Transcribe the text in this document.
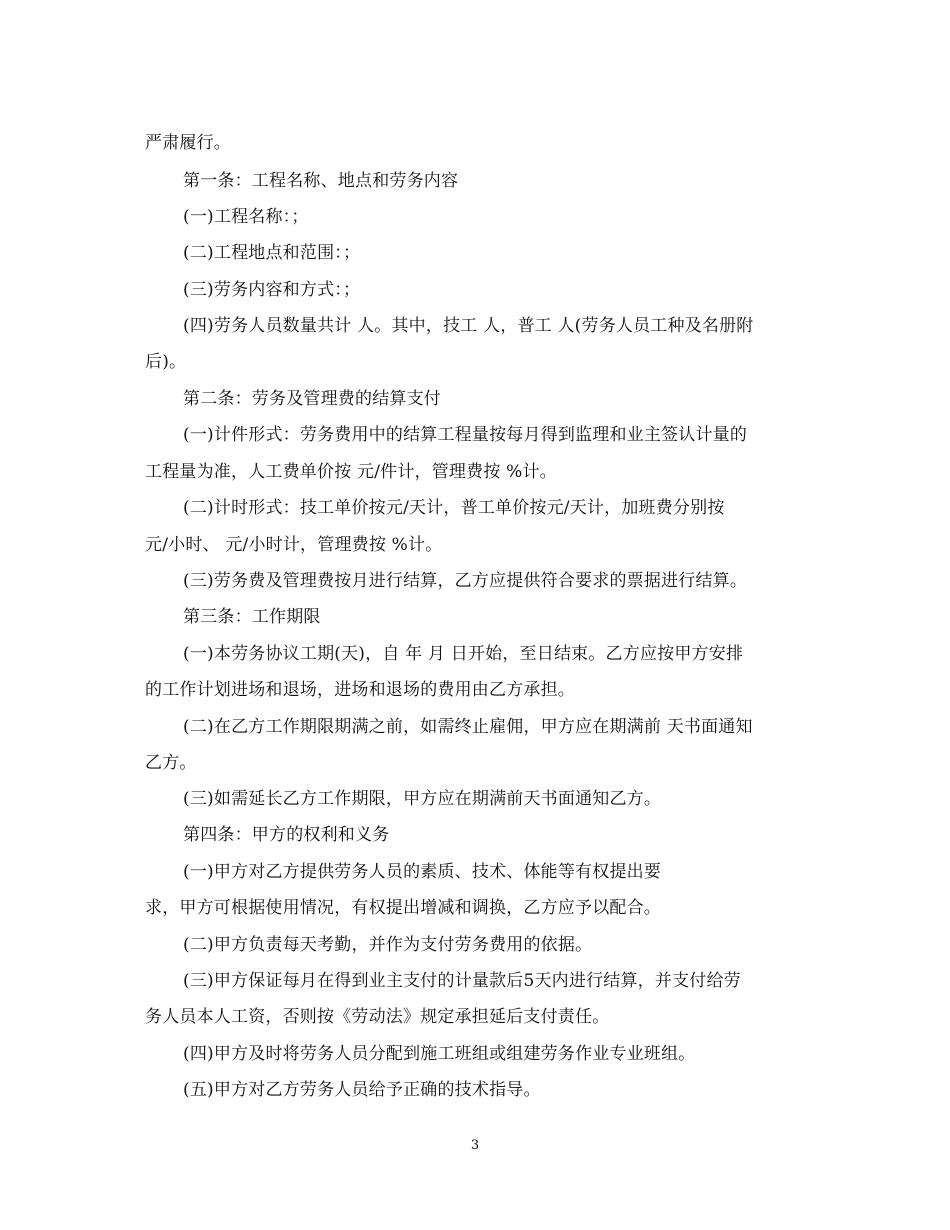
严肃履行。
第一条：工程名称、地点和劳务内容
(一)工程名称：；
(二)工程地点和范围：；
(三)劳务内容和方式：；
(四)劳务人员数量共计 人。其中，技工 人，普工 人(劳务人员工种及名册附
后)。
第二条：劳务及管理费的结算支付
(一)计件形式：劳务费用中的结算工程量按每月得到监理和业主签认计量的
工程量为准，人工费单价按 元/件计，管理费按 %计。
(二)计时形式：技工单价按元/天计，普工单价按元/天计，加班费分别按
元/小时、 元/小时计，管理费按 %计。
(三)劳务费及管理费按月进行结算，乙方应提供符合要求的票据进行结算。
第三条：工作期限
(一)本劳务协议工期(天)，自 年 月 日开始，至日结束。乙方应按甲方安排
的工作计划进场和退场，进场和退场的费用由乙方承担。
(二)在乙方工作期限期满之前，如需终止雇佣，甲方应在期满前 天书面通知
乙方。
(三)如需延长乙方工作期限，甲方应在期满前天书面通知乙方。
第四条：甲方的权利和义务
(一)甲方对乙方提供劳务人员的素质、技术、体能等有权提出要
求，甲方可根据使用情况，有权提出增减和调换，乙方应予以配合。
(二)甲方负责每天考勤，并作为支付劳务费用的依据。
(三)甲方保证每月在得到业主支付的计量款后5天内进行结算，并支付给劳
务人员本人工资，否则按《劳动法》规定承担延后支付责任。
(四)甲方及时将劳务人员分配到施工班组或组建劳务作业专业班组。
(五)甲方对乙方劳务人员给予正确的技术指导。
3
